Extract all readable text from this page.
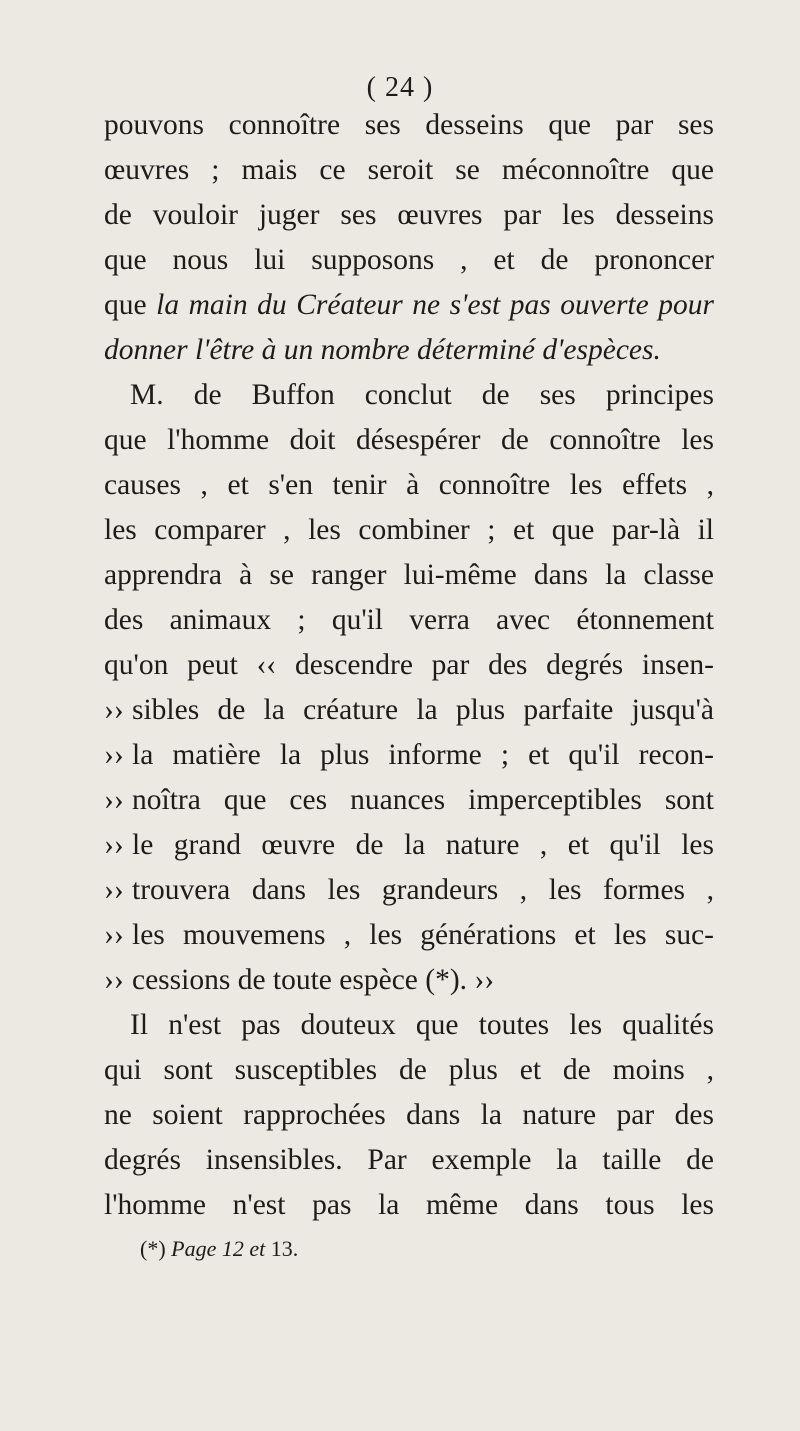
( 24 )
pouvons connoître ses desseins que par ses
œuvres ; mais ce seroit se méconnoître que
de vouloir juger ses œuvres par les desseins
que nous lui supposons , et de prononcer
que la main du Créateur ne s'est pas ouverte pour
donner l'être à un nombre déterminé d'espèces.
M. de Buffon conclut de ses principes
que l'homme doit désespérer de connoître les
causes , et s'en tenir à connoître les effets ,
les comparer , les combiner ; et que par-là il
apprendra à se ranger lui-même dans la classe
des animaux ; qu'il verra avec étonnement
qu'on peut ‹‹ descendre par des degrés insen-
›› sibles de la créature la plus parfaite jusqu'à
›› la matière la plus informe ; et qu'il recon-
›› noîtra que ces nuances imperceptibles sont
›› le grand œuvre de la nature , et qu'il les
›› trouvera dans les grandeurs , les formes ,
›› les mouvemens , les générations et les suc-
›› cessions de toute espèce (*). ››
Il n'est pas douteux que toutes les qualités
qui sont susceptibles de plus et de moins ,
ne soient rapprochées dans la nature par des
degrés insensibles. Par exemple la taille de
l'homme n'est pas la même dans tous les
(*) Page 12 et 13.
